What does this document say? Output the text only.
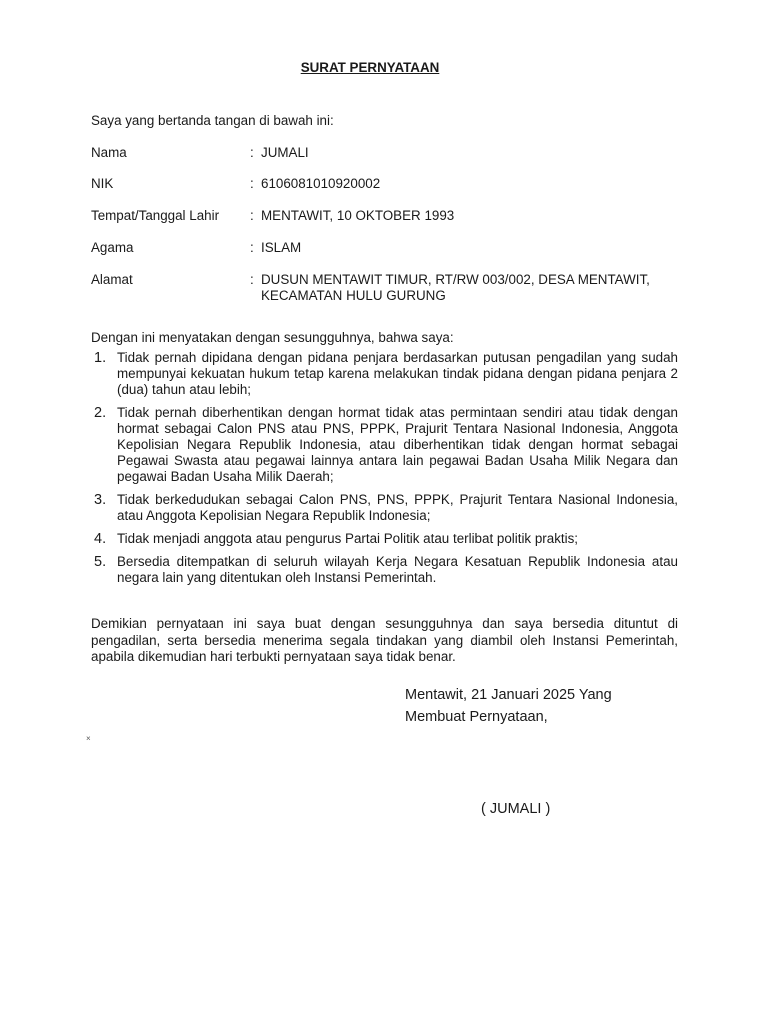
SURAT PERNYATAAN
Saya yang bertanda tangan di bawah ini:
Nama	: JUMALI
NIK	: 6106081010920002
Tempat/Tanggal Lahir : MENTAWIT, 10 OKTOBER 1993
Agama	: ISLAM
Alamat	: DUSUN MENTAWIT TIMUR, RT/RW 003/002, DESA MENTAWIT, KECAMATAN HULU GURUNG
Dengan ini menyatakan dengan sesungguhnya, bahwa saya:
1. Tidak pernah dipidana dengan pidana penjara berdasarkan putusan pengadilan yang sudah mempunyai kekuatan hukum tetap karena melakukan tindak pidana dengan pidana penjara 2 (dua) tahun atau lebih;
2. Tidak pernah diberhentikan dengan hormat tidak atas permintaan sendiri atau tidak dengan hormat sebagai Calon PNS atau PNS, PPPK, Prajurit Tentara Nasional Indonesia, Anggota Kepolisian Negara Republik Indonesia, atau diberhentikan tidak dengan hormat sebagai Pegawai Swasta atau pegawai lainnya antara lain pegawai Badan Usaha Milik Negara dan pegawai Badan Usaha Milik Daerah;
3. Tidak berkedudukan sebagai Calon PNS, PNS, PPPK, Prajurit Tentara Nasional Indonesia, atau Anggota Kepolisian Negara Republik Indonesia;
4. Tidak menjadi anggota atau pengurus Partai Politik atau terlibat politik praktis;
5. Bersedia ditempatkan di seluruh wilayah Kerja Negara Kesatuan Republik Indonesia atau negara lain yang ditentukan oleh Instansi Pemerintah.
Demikian pernyataan ini saya buat dengan sesungguhnya dan saya bersedia dituntut di pengadilan, serta bersedia menerima segala tindakan yang diambil oleh Instansi Pemerintah, apabila dikemudian hari terbukti pernyataan saya tidak benar.
Mentawit, 21 Januari 2025 Yang
Membuat Pernyataan,
×
( JUMALI )
